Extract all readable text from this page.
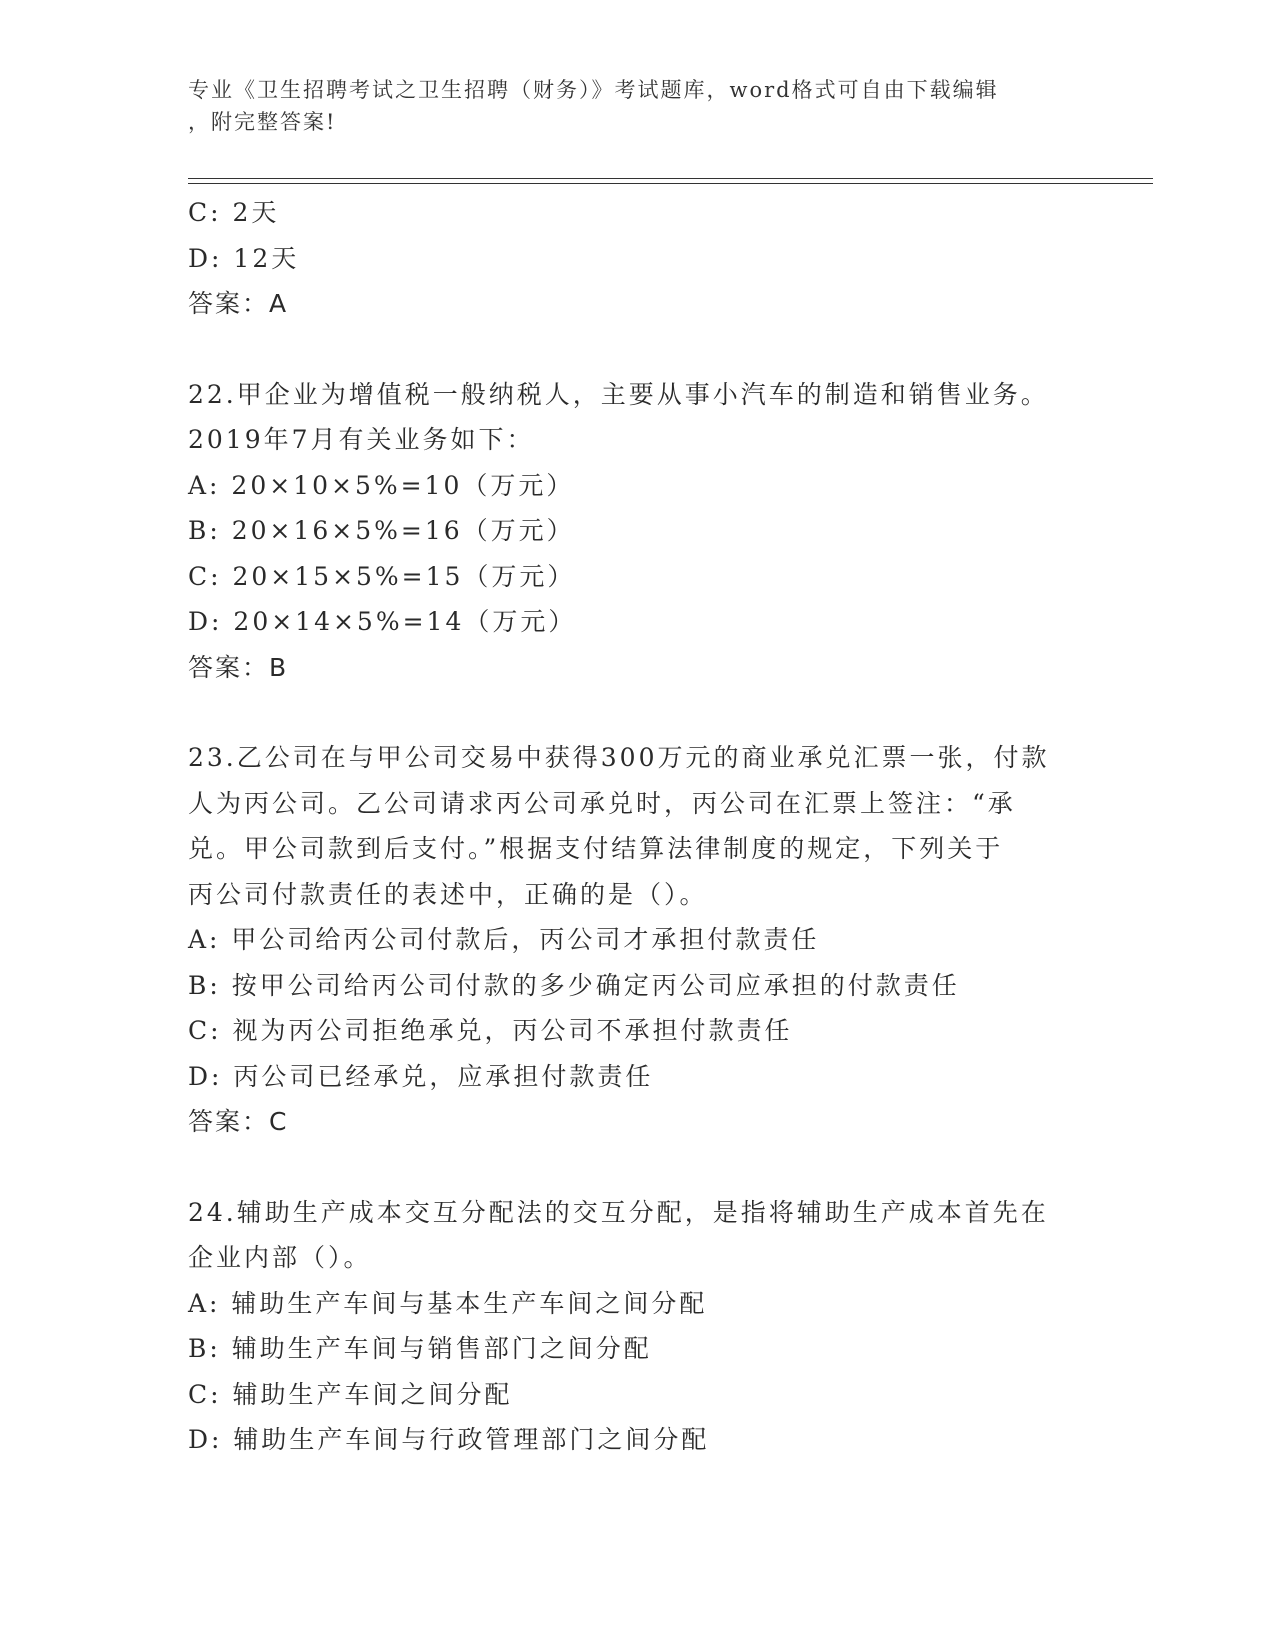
专业《卫生招聘考试之卫生招聘（财务）》考试题库，word格式可自由下载编辑
，附完整答案!
C: 2天
D: 12天
答案：A
22.甲企业为增值税一般纳税人，主要从事小汽车的制造和销售业务。
2019年7月有关业务如下：
A: 20×10×5%=10（万元）
B: 20×16×5%=16（万元）
C: 20×15×5%=15（万元）
D: 20×14×5%=14（万元）
答案：B
23.乙公司在与甲公司交易中获得300万元的商业承兑汇票一张，付款
人为丙公司。乙公司请求丙公司承兑时，丙公司在汇票上签注：“承
兑。甲公司款到后支付。”根据支付结算法律制度的规定，下列关于
丙公司付款责任的表述中，正确的是（）。
A: 甲公司给丙公司付款后，丙公司才承担付款责任
B: 按甲公司给丙公司付款的多少确定丙公司应承担的付款责任
C: 视为丙公司拒绝承兑，丙公司不承担付款责任
D: 丙公司已经承兑，应承担付款责任
答案：C
24.辅助生产成本交互分配法的交互分配，是指将辅助生产成本首先在
企业内部（）。
A: 辅助生产车间与基本生产车间之间分配
B: 辅助生产车间与销售部门之间分配
C: 辅助生产车间之间分配
D: 辅助生产车间与行政管理部门之间分配
